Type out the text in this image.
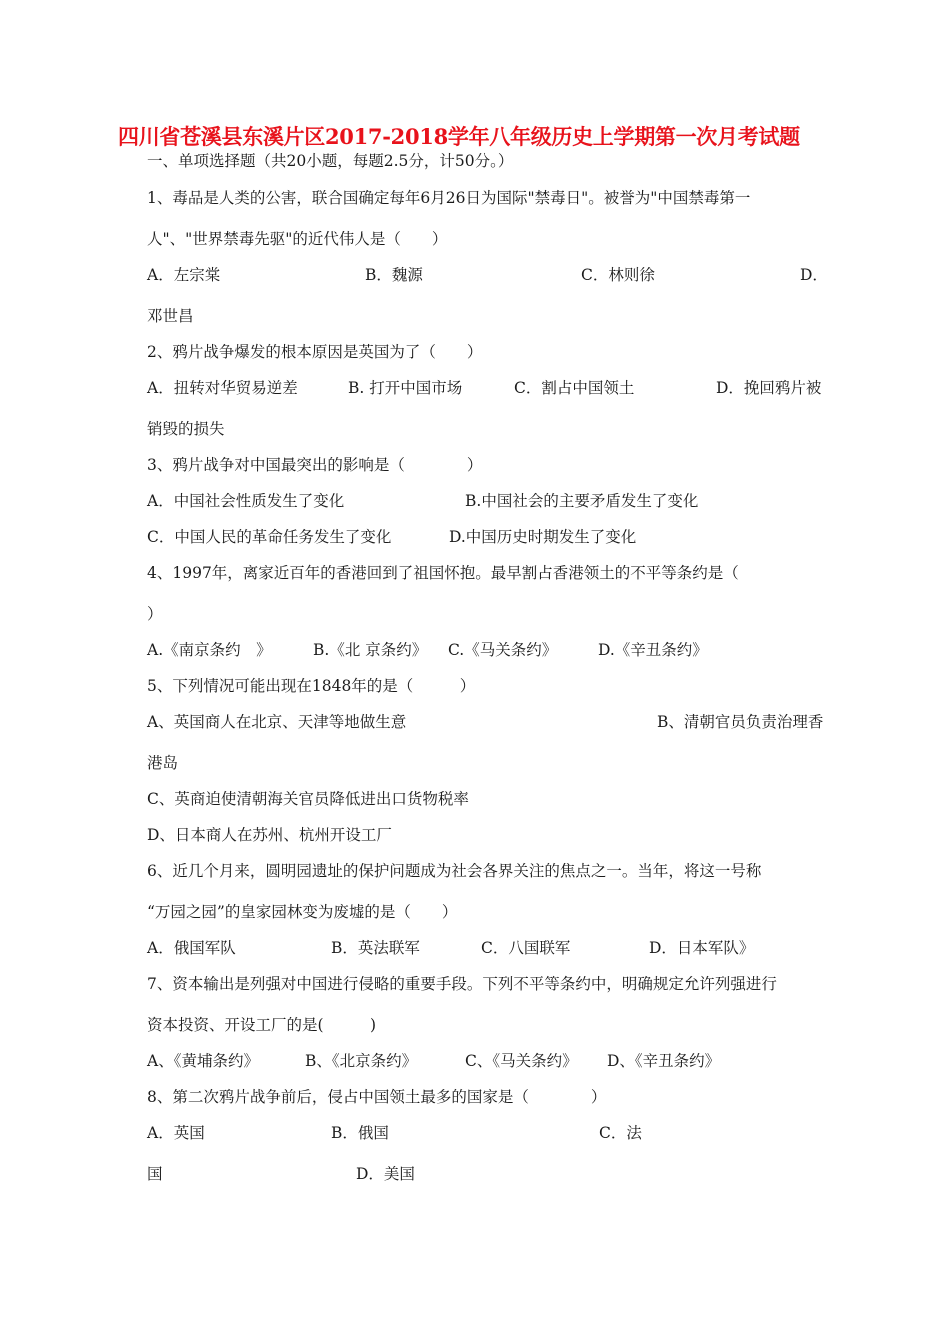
四川省苍溪县东溪片区2017-2018学年八年级历史上学期第一次月考试题
一、单项选择题（共20小题，每题2.5分，计50分。）
1、毒品是人类的公害，联合国确定每年6月26日为国际"禁毒日"。被誉为"中国禁毒第一
人"、"世界禁毒先驱"的近代伟人是（　　）
A．左宗棠	B．魏源	C．林则徐	D．
邓世昌
2、鸦片战争爆发的根本原因是英国为了（　　）
A．扭转对华贸易逆差	B. 打开中国市场	C．割占中国领土	D．挽回鸦片被
销毁的损失
3、鸦片战争对中国最突出的影响是（　　　　）
A．中国社会性质发生了变化	B.中国社会的主要矛盾发生了变化
C．中国人民的革命任务发生了变化	D.中国历史时期发生了变化
4、1997年，离家近百年的香港回到了祖国怀抱。最早割占香港领土的不平等条约是（
）
A.《南京条约　》	B.《北 京条约》 C.《马关条约》	D.《辛丑条约》
5、下列情况可能出现在1848年的是（　　　）
A、英国商人在北京、天津等地做生意	B、清朝官员负责治理香
港岛
C、英商迫使清朝海关官员降低进出口货物税率
D、日本商人在苏州、杭州开设工厂
6、近几个月来，圆明园遗址的保护问题成为社会各界关注的焦点之一。当年，将这一号称
“万园之园”的皇家园林变为废墟的是（　　）
A．俄国军队	B．英法联军	C．八国联军	D．日本军队》
7、资本输出是列强对中国进行侵略的重要手段。下列不平等条约中，明确规定允许列强进行
资本投资、开设工厂的是(　　　)
A、《黄埔条约》	B、《北京条约》	C、《马关条约》 D、《辛丑条约》
8、第二次鸦片战争前后，侵占中国领土最多的国家是（　　　　）
A．英国	B．俄国	C．法
国	D．美国
